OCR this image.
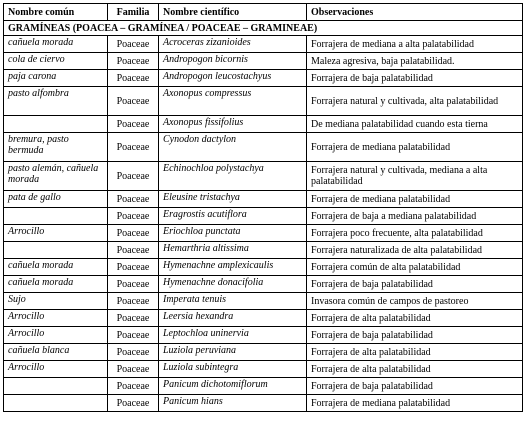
Nombre común	Familia	Nombre científico	Observaciones
GRAMÍNEAS (POACEA – GRAMÍNEA / POACEAE – GRAMINEAE)			
cañuela morada	Poaceae	Acroceras zizanioides	Forrajera de mediana a alta palatabilidad
cola de ciervo	Poaceae	Andropogon bicornis	Maleza agresiva, baja palatabilidad.
paja carona	Poaceae	Andropogon leucostachyus	Forrajera de baja palatabilidad
pasto alfombra	Poaceae	Axonopus compressus	Forrajera natural y cultivada, alta palatabilidad
	Poaceae	Axonopus fissifolius	De mediana palatabilidad cuando esta tierna
bremura, pasto bermuda	Poaceae	Cynodon dactylon	Forrajera de mediana palatabilidad
pasto alemán, cañuela morada	Poaceae	Echinochloa polystachya	Forrajera natural y cultivada, mediana a alta palatabilidad
pata de gallo	Poaceae	Eleusine tristachya	Forrajera de mediana palatabilidad
	Poaceae	Eragrostis acutiflora	Forrajera de baja a mediana palatabilidad
Arrocillo	Poaceae	Eriochloa punctata	Forrajera poco frecuente, alta palatabilidad
	Poaceae	Hemarthria altissima	Forrajera naturalizada de alta palatabilidad
cañuela morada	Poaceae	Hymenachne amplexicaulis	Forrajera común de alta palatabilidad
cañuela morada	Poaceae	Hymenachne donacifolia	Forrajera de baja palatabilidad
Sujo	Poaceae	Imperata tenuis	Invasora común de campos de pastoreo
Arrocillo	Poaceae	Leersia hexandra	Forrajera de alta palatabilidad
Arrocillo	Poaceae	Leptochloa uninervia	Forrajera de baja palatabilidad
cañuela blanca	Poaceae	Luziola peruviana	Forrajera de alta palatabilidad
Arrocillo	Poaceae	Luziola subintegra	Forrajera de alta palatabilidad
	Poaceae	Panicum dichotomiflorum	Forrajera de baja palatabilidad
	Poaceae	Panicum hians	Forrajera de mediana palatabilidad
